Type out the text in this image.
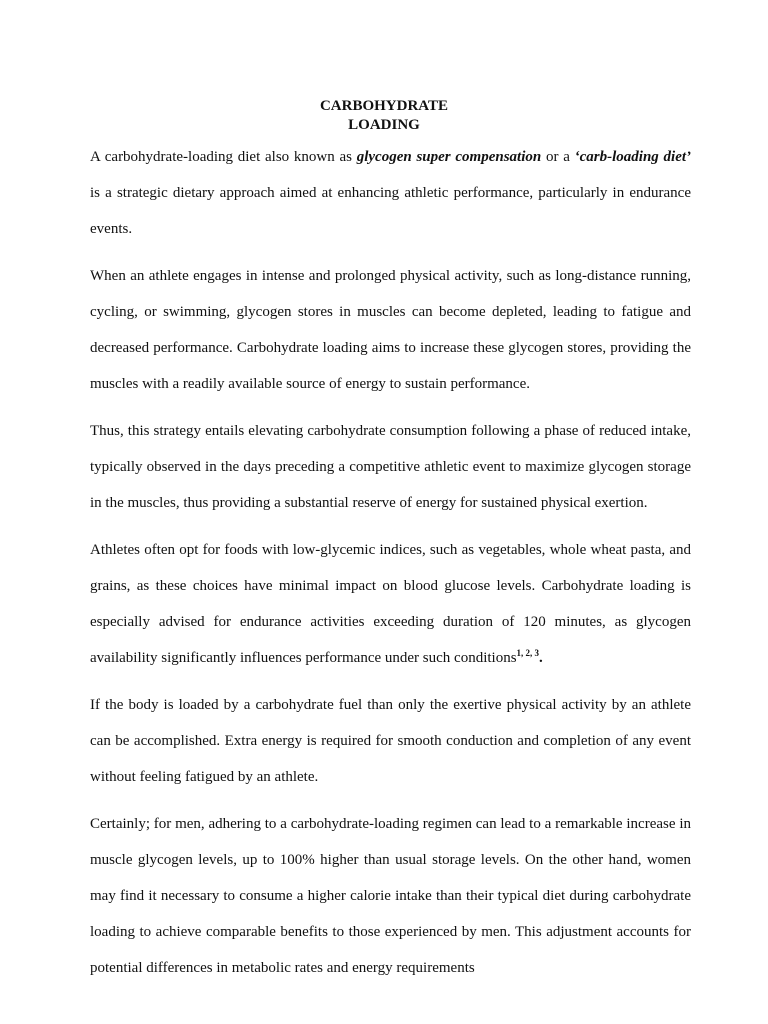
CARBOHYDRATE
LOADING

A carbohydrate-loading diet also known as glycogen super compensation or a ‘carb-loading diet’ is a strategic dietary approach aimed at enhancing athletic performance, particularly in endurance events.

When an athlete engages in intense and prolonged physical activity, such as long-distance running, cycling, or swimming, glycogen stores in muscles can become depleted, leading to fatigue and decreased performance. Carbohydrate loading aims to increase these glycogen stores, providing the muscles with a readily available source of energy to sustain performance.

Thus, this strategy entails elevating carbohydrate consumption following a phase of reduced intake, typically observed in the days preceding a competitive athletic event to maximize glycogen storage in the muscles, thus providing a substantial reserve of energy for sustained physical exertion.

Athletes often opt for foods with low-glycemic indices, such as vegetables, whole wheat pasta, and grains, as these choices have minimal impact on blood glucose levels. Carbohydrate loading is especially advised for endurance activities exceeding duration of 120 minutes, as glycogen availability significantly influences performance under such conditions$^{1, 2, 3}$.

If the body is loaded by a carbohydrate fuel than only the exertive physical activity by an athlete can be accomplished. Extra energy is required for smooth conduction and completion of any event without feeling fatigued by an athlete.

Certainly; for men, adhering to a carbohydrate-loading regimen can lead to a remarkable increase in muscle glycogen levels, up to 100% higher than usual storage levels. On the other hand, women may find it necessary to consume a higher calorie intake than their typical diet during carbohydrate loading to achieve comparable benefits to those experienced by men. This adjustment accounts for potential differences in metabolic rates and energy requirements
